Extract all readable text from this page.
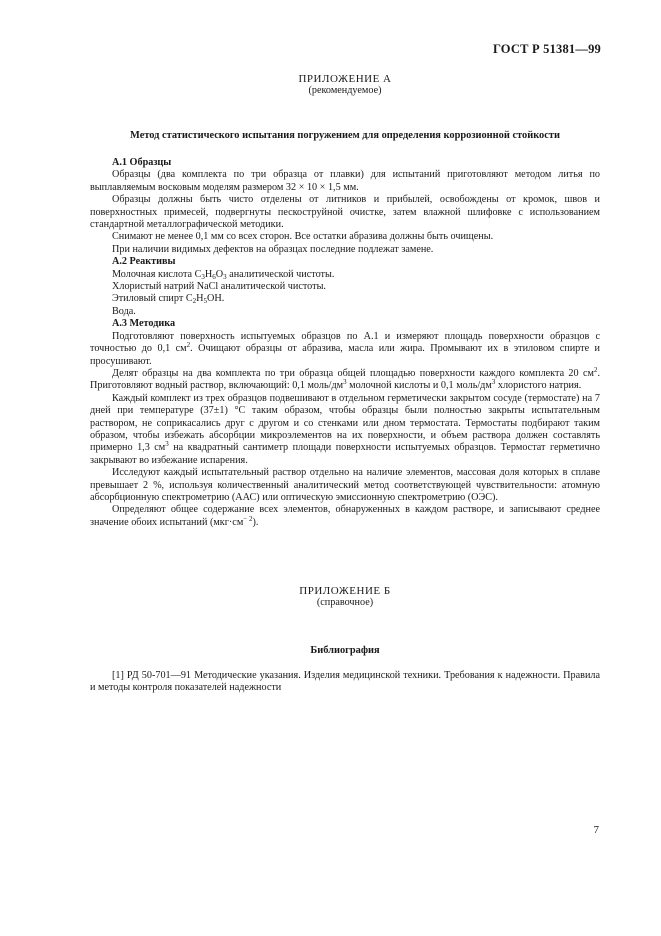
ГОСТ Р 51381—99
ПРИЛОЖЕНИЕ А
(рекомендуемое)
Метод статистического испытания погружением для определения коррозионной стойкости

А.1 Образцы

Образцы (два комплекта по три образца от плавки) для испытаний приготовляют методом литья по выплавляемым восковым моделям размером 32 × 10 × 1,5 мм.

Образцы должны быть чисто отделены от литников и прибылей, освобождены от кромок, швов и поверхностных примесей, подвергнуты пескоструйной очистке, затем влажной шлифовке с использованием стандартной металлографической методики.

Снимают не менее 0,1 мм со всех сторон. Все остатки абразива должны быть очищены.

При наличии видимых дефектов на образцах последние подлежат замене.

А.2 Реактивы

Молочная кислота $C_3H_6O_3$ аналитической чистоты.

Хлористый натрий NaCl аналитической чистоты.

Этиловый спирт $C_2H_5OH$.

Вода.

А.3 Методика

Подготовляют поверхность испытуемых образцов по А.1 и измеряют площадь поверхности образцов с точностью до 0,1 $см^2$. Очищают образцы от абразива, масла или жира. Промывают их в этиловом спирте и просушивают.

Делят образцы на два комплекта по три образца общей площадью поверхности каждого комплекта 20 $см^2$. Приготовляют водный раствор, включающий: 0,1 моль/$дм^3$ молочной кислоты и 0,1 моль/$дм^3$ хлористого натрия.

Каждый комплект из трех образцов подвешивают в отдельном герметически закрытом сосуде (термостате) на 7 дней при температуре (37±1) °С таким образом, чтобы образцы были полностью закрыты испытательным раствором, не соприкасались друг с другом и со стенками или дном термостата. Термостаты подбирают таким образом, чтобы избежать абсорбции микроэлементов на их поверхности, и объем раствора должен составлять примерно 1,3 $см^3$ на квадратный сантиметр площади поверхности испытуемых образцов. Термостат герметично закрывают во избежание испарения.

Исследуют каждый испытательный раствор отдельно на наличие элементов, массовая доля которых в сплаве превышает 2 %, используя количественный аналитический метод соответствующей чувствительности: атомную абсорбционную спектрометрию (ААС) или оптическую эмиссионную спектрометрию (ОЭС).

Определяют общее содержание всех элементов, обнаруженных в каждом растворе, и записывают среднее значение обоих испытаний $(мкг\cdot см^{- 2})$.

ПРИЛОЖЕНИЕ Б
(справочное)
Библиография

[1] РД 50-701—91 Методические указания. Изделия медицинской техники. Требования к надежности. Правила и методы контроля показателей надежности

7
